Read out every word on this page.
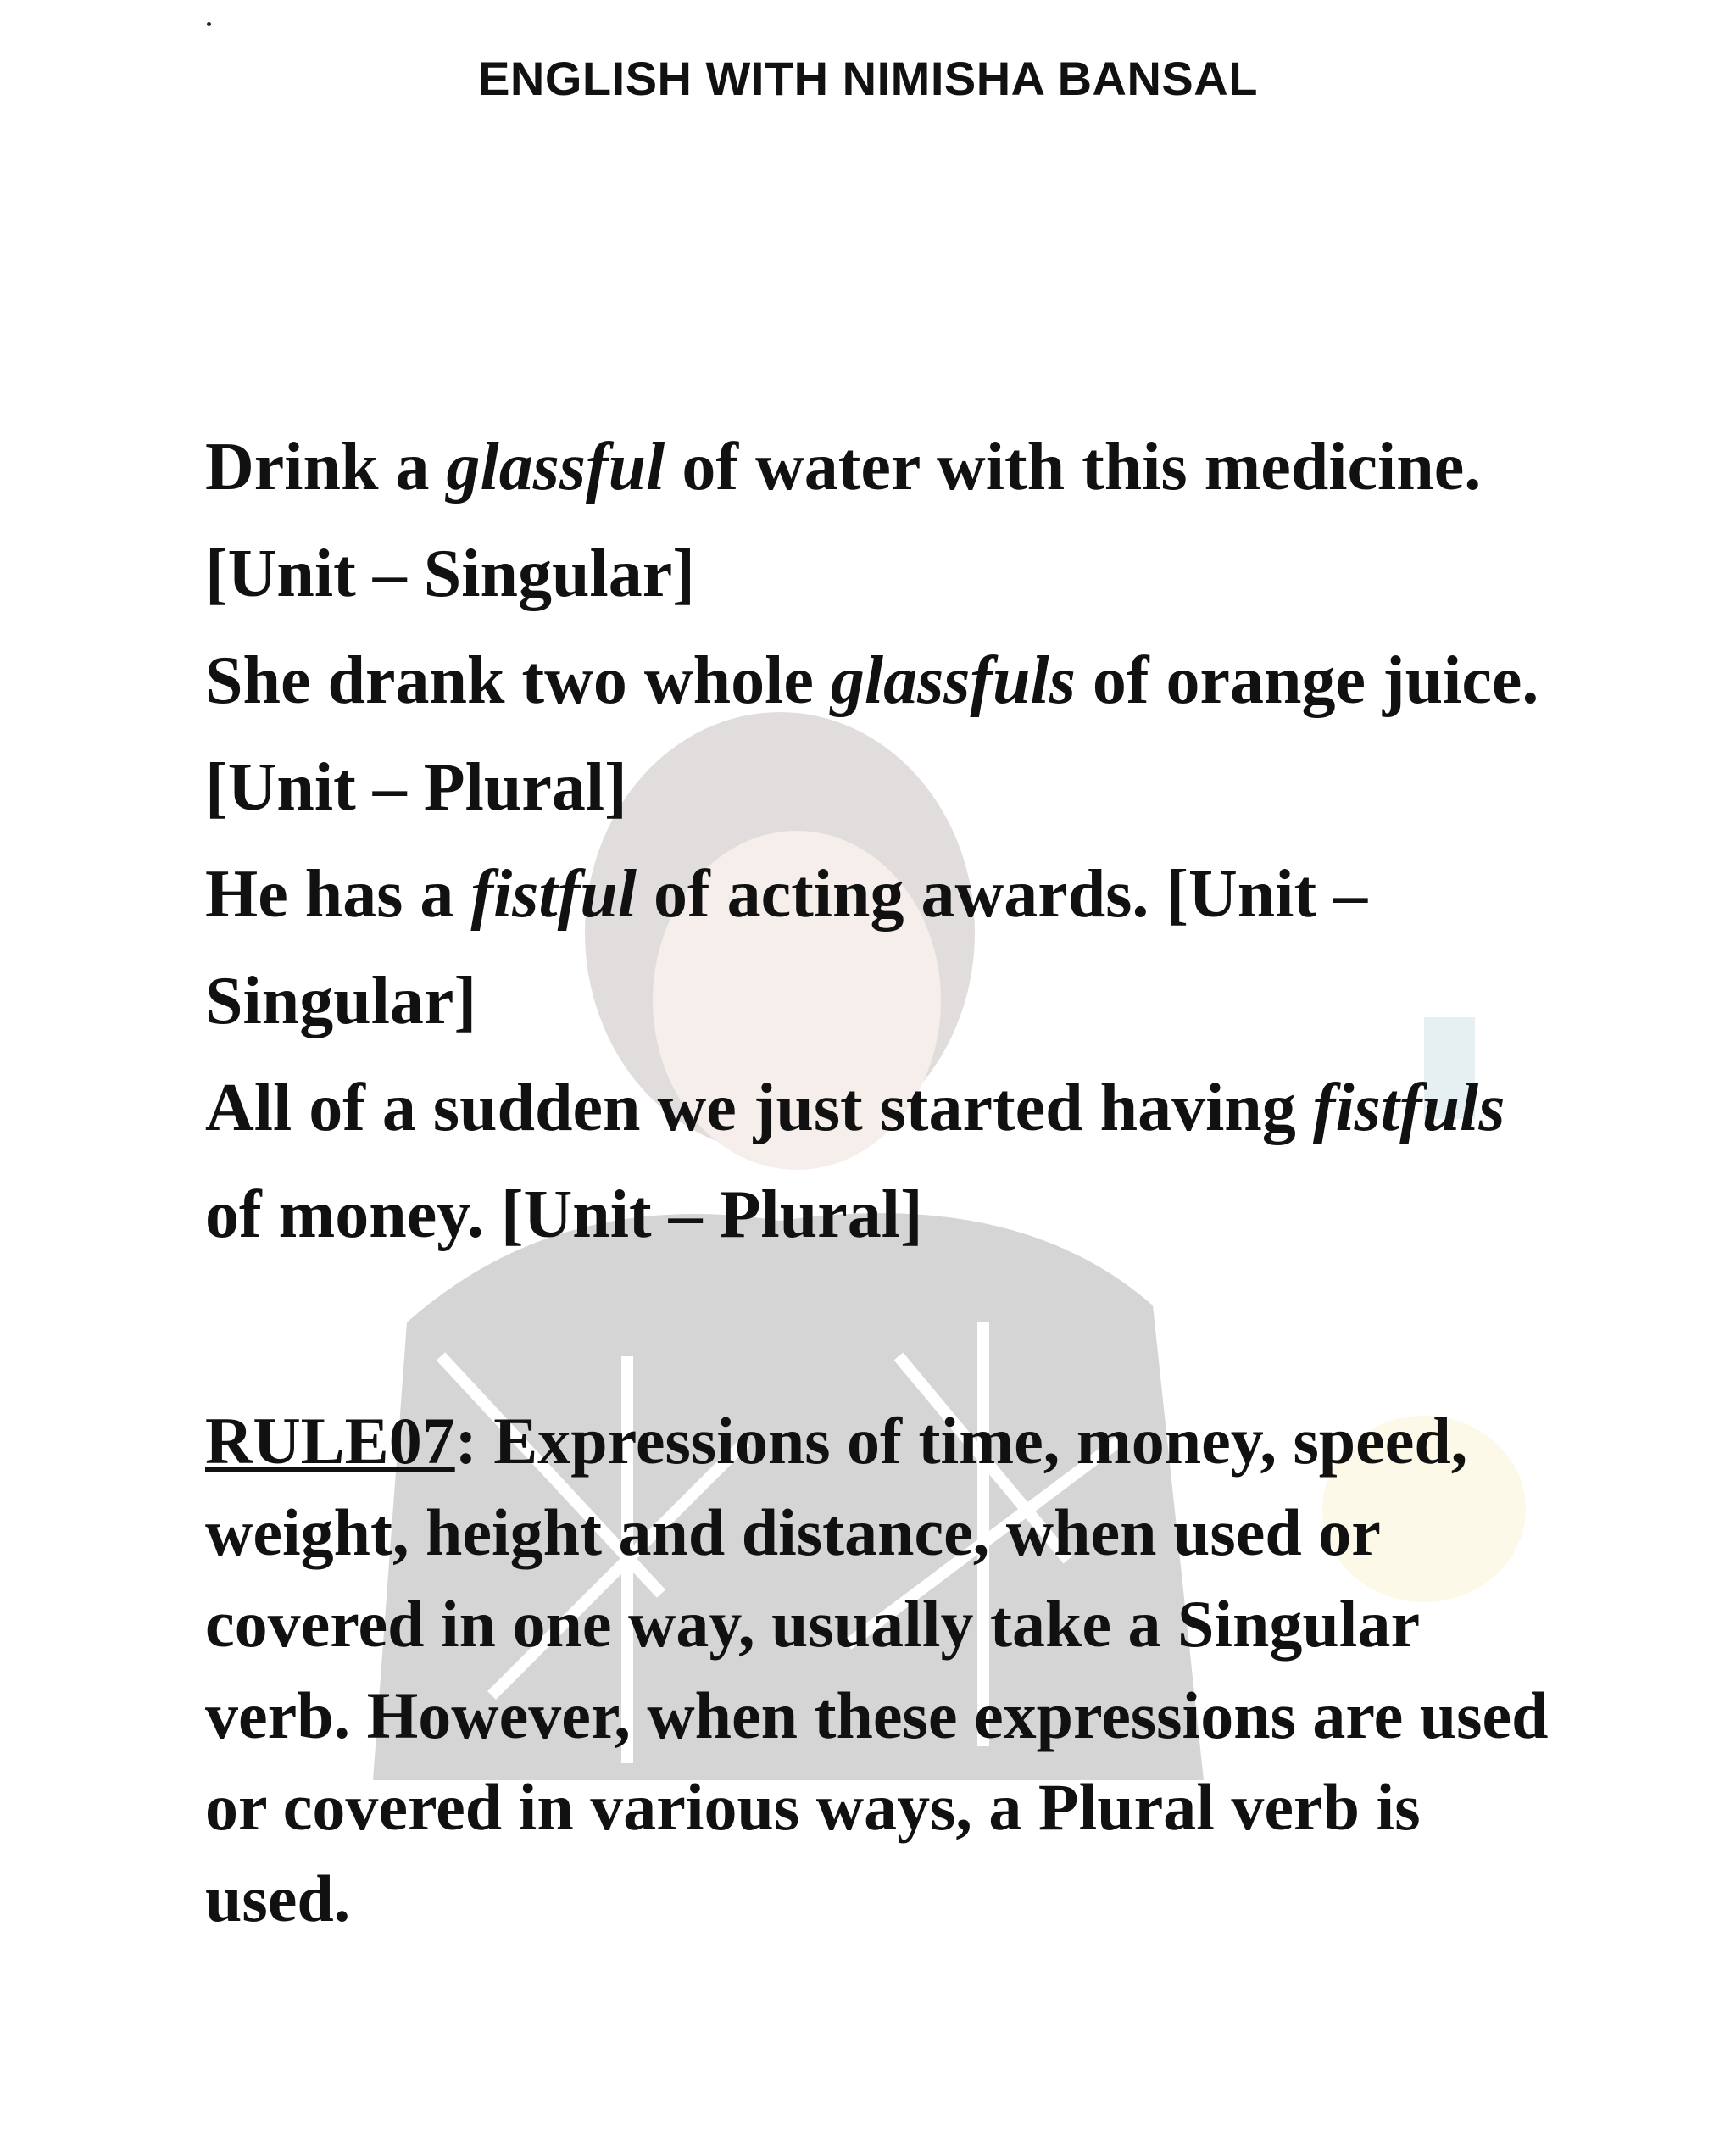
ENGLISH WITH NIMISHA BANSAL

Drink a glassful of water with this medicine. [Unit – Singular]

She drank two whole glassfuls of orange juice. [Unit – Plural]

He has a fistful of acting awards. [Unit – Singular]

All of a sudden we just started having fistfuls of money. [Unit – Plural]

RULE07: Expressions of time, money, speed, weight, height and distance, when used or covered in one way, usually take a Singular verb. However, when these expressions are used or covered in various ways, a Plural verb is used.
